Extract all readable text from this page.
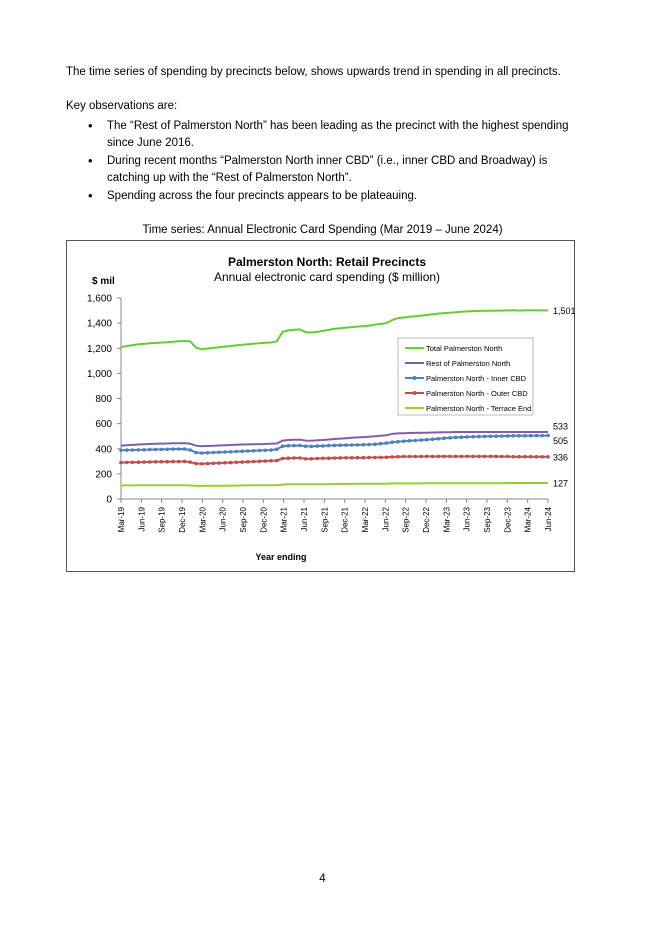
The time series of spending by precincts below, shows upwards trend in spending in all precincts.

Key observations are:

• The “Rest of Palmerston North” has been leading as the precinct with the highest spending since June 2016.
• During recent months “Palmerston North inner CBD” (i.e., inner CBD and Broadway) is catching up with the “Rest of Palmerston North”.
• Spending across the four precincts appears to be plateauing.
Time series: Annual Electronic Card Spending (Mar 2019 – June 2024)
Palmerston North: Retail Precincts
Annual electronic card spending ($ million)
$ mil
Year ending
0
200
400
600
800
1,000
1,200
1,400
1,600
Mar-19 Jun-19 Sep-19 Dec-19 Mar-20 Jun-20 Sep-20 Dec-20 Mar-21 Jun-21 Sep-21 Dec-21 Mar-22 Jun-22 Sep-22 Dec-22 Mar-23 Jun-23 Sep-23 Dec-23 Mar-24 Jun-24
1,501
533
505
336
127
Total Palmerston North
Rest of Palmerston North
Palmerston North - Inner CBD
Palmerston North - Outer CBD
Palmerston North - Terrace End
4
